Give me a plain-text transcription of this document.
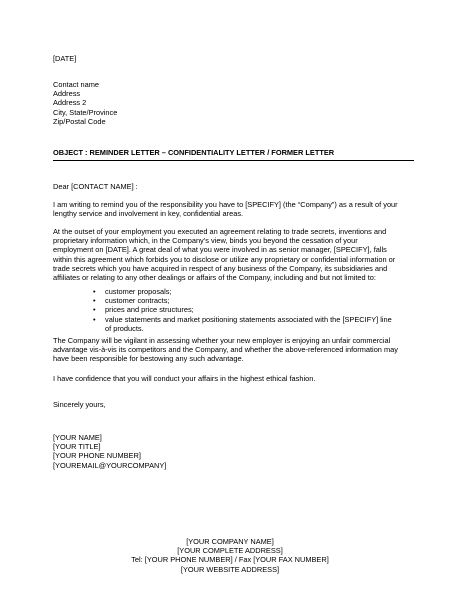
[DATE]
Contact name
Address
Address 2
City, State/Province
Zip/Postal Code
OBJECT : REMINDER LETTER – CONFIDENTIALITY LETTER / FORMER LETTER
Dear [CONTACT NAME] :
I am writing to remind you of the responsibility you have to [SPECIFY] (the “Company”) as a result of your
lengthy service and involvement in key, confidential areas.
At the outset of your employment you executed an agreement relating to trade secrets, inventions and
proprietary information which, in the Company’s view, binds you beyond the cessation of your
employment on [DATE]. A great deal of what you were involved in as senior manager, [SPECIFY], falls
within this agreement which forbids you to disclose or utilize any proprietary or confidential information or
trade secrets which you have acquired in respect of any business of the Company, its subsidiaries and
affiliates or relating to any other dealings or affairs of the Company, including and but not limited to:
• customer proposals;
• customer contracts;
• prices and price structures;
• value statements and market positioning statements associated with the [SPECIFY] line
of products.
The Company will be vigilant in assessing whether your new employer is enjoying an unfair commercial
advantage vis-à-vis its competitors and the Company, and whether the above-referenced information may
have been responsible for bestowing any such advantage.
I have confidence that you will conduct your affairs in the highest ethical fashion.
Sincerely yours,
[YOUR NAME]
[YOUR TITLE]
[YOUR PHONE NUMBER]
[YOUREMAIL@YOURCOMPANY]
[YOUR COMPANY NAME]
[YOUR COMPLETE ADDRESS]
Tel: [YOUR PHONE NUMBER] / Fax [YOUR FAX NUMBER]
[YOUR WEBSITE ADDRESS]
